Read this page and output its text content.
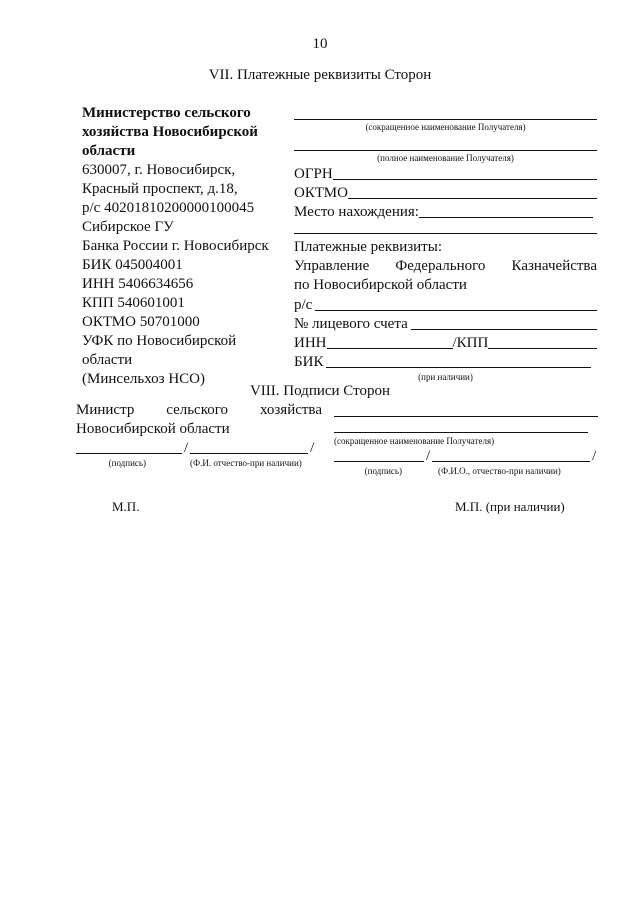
10
VII. Платежные реквизиты Сторон
Министерство сельского
хозяйства Новосибирской
области
630007, г. Новосибирск,
Красный проспект, д.18,
р/с 40201810200000100045
Сибирское ГУ
Банка России г. Новосибирск
БИК 045004001
ИНН 5406634656
КПП 540601001
ОКТМО 50701000
УФК по Новосибирской
области
(Минсельхоз НСО)
(сокращенное наименование Получателя)
(полное наименование Получателя)
ОГРН
ОКТМО
Место нахождения:
Платежные реквизиты:
Управление Федерального Казначейства
по Новосибирской области
р/с
№ лицевого счета
ИНН	/КПП
БИК
(при наличии)
VIII. Подписи Сторон
Министр сельского хозяйства
Новосибирской области
/	/
(подпись)	(Ф.И. отчество-при наличии)
(сокращенное наименование Получателя)
/	/
(подпись)	(Ф.И.О., отчество-при наличии)
М.П.	М.П. (при наличии)
